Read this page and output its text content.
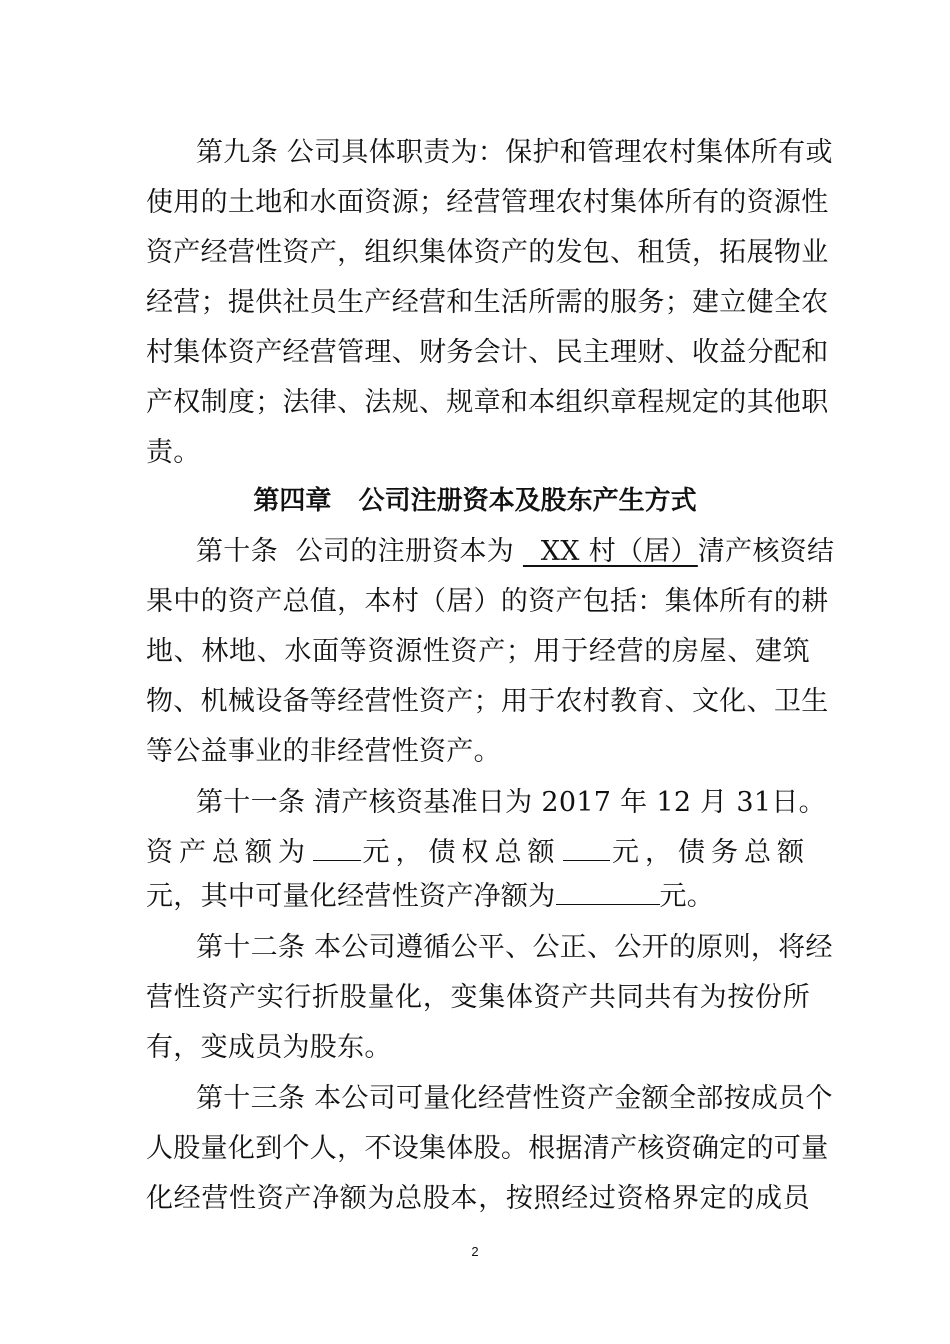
第九条 公司具体职责为：保护和管理农村集体所有或
使用的土地和水面资源；经营管理农村集体所有的资源性
资产经营性资产，组织集体资产的发包、租赁，拓展物业
经营；提供社员生产经营和生活所需的服务；建立健全农
村集体资产经营管理、财务会计、民主理财、收益分配和
产权制度；法律、法规、规章和本组织章程规定的其他职
责。
第四章   公司注册资本及股东产生方式
第十条  公司的注册资本为 XX 村（居） 清产核资结
果中的资产总值，本村（居）的资产包括：集体所有的耕
地、林地、水面等资源性资产；用于经营的房屋、建筑
物、机械设备等经营性资产；用于农村教育、文化、卫生
等公益事业的非经营性资产。
第十一条 清产核资基准日为 2017 年 12 月 31日。
资产总额为 元，债权总额 元，债务总额
元，其中可量化经营性资产净额为	元。
第十二条 本公司遵循公平、公正、公开的原则，将经
营性资产实行折股量化，变集体资产共同共有为按份所
有，变成员为股东。
第十三条 本公司可量化经营性资产金额全部按成员个
人股量化到个人，不设集体股。根据清产核资确定的可量
化经营性资产净额为总股本，按照经过资格界定的成员
2
